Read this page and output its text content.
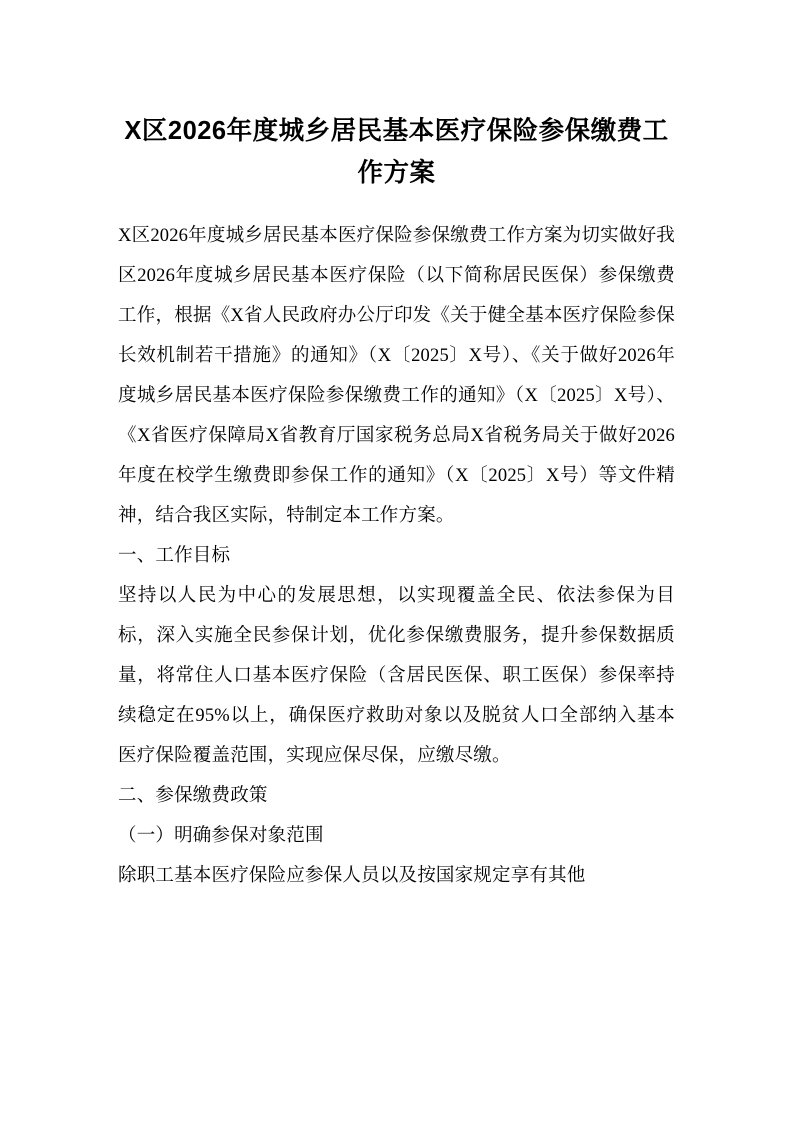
X区2026年度城乡居民基本医疗保险参保缴费工作方案

X区2026年度城乡居民基本医疗保险参保缴费工作方案为切实做好我区2026年度城乡居民基本医疗保险（以下简称居民医保）参保缴费工作，根据《X省人民政府办公厅印发《关于健全基本医疗保险参保长效机制若干措施》的通知》（X〔2025〕X号）、《关于做好2026年度城乡居民基本医疗保险参保缴费工作的通知》（X〔2025〕X号）、《X省医疗保障局X省教育厅国家税务总局X省税务局关于做好2026年度在校学生缴费即参保工作的通知》（X〔2025〕X号）等文件精神，结合我区实际，特制定本工作方案。

一、工作目标

坚持以人民为中心的发展思想，以实现覆盖全民、依法参保为目标，深入实施全民参保计划，优化参保缴费服务，提升参保数据质量，将常住人口基本医疗保险（含居民医保、职工医保）参保率持续稳定在95%以上，确保医疗救助对象以及脱贫人口全部纳入基本医疗保险覆盖范围，实现应保尽保，应缴尽缴。

二、参保缴费政策

（一）明确参保对象范围

除职工基本医疗保险应参保人员以及按国家规定享有其他
